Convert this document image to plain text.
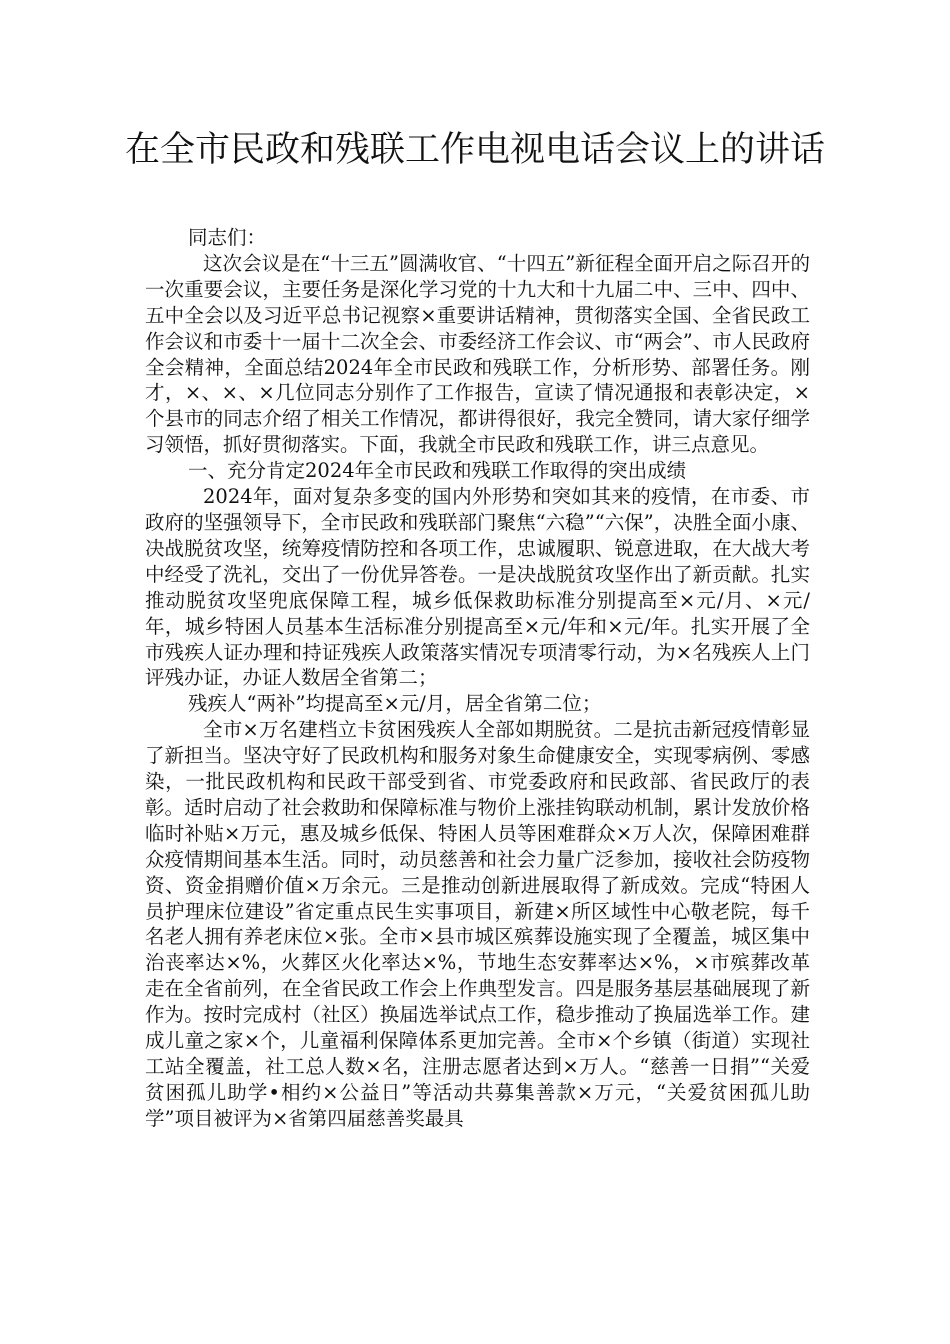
在全市民政和残联工作电视电话会议上的讲话

同志们：

这次会议是在“十三五”圆满收官、“十四五”新征程全面开启之际召开的一次重要会议，主要任务是深化学习党的十九大和十九届二中、三中、四中、五中全会以及习近平总书记视察×重要讲话精神，贯彻落实全国、全省民政工作会议和市委十一届十二次全会、市委经济工作会议、市“两会”、市人民政府全会精神，全面总结2024年全市民政和残联工作，分析形势、部署任务。刚才，×、×、×几位同志分别作了工作报告，宣读了情况通报和表彰决定，×个县市的同志介绍了相关工作情况，都讲得很好，我完全赞同，请大家仔细学习领悟，抓好贯彻落实。下面，我就全市民政和残联工作，讲三点意见。

一、充分肯定2024年全市民政和残联工作取得的突出成绩

2024年，面对复杂多变的国内外形势和突如其来的疫情，在市委、市政府的坚强领导下，全市民政和残联部门聚焦“六稳”“六保”，决胜全面小康、决战脱贫攻坚，统筹疫情防控和各项工作，忠诚履职、锐意进取，在大战大考中经受了洗礼，交出了一份优异答卷。一是决战脱贫攻坚作出了新贡献。扎实推动脱贫攻坚兜底保障工程，城乡低保救助标准分别提高至×元/月、×元/年，城乡特困人员基本生活标准分别提高至×元/年和×元/年。扎实开展了全市残疾人证办理和持证残疾人政策落实情况专项清零行动，为×名残疾人上门评残办证，办证人数居全省第二；

残疾人“两补”均提高至×元/月，居全省第二位；

全市×万名建档立卡贫困残疾人全部如期脱贫。二是抗击新冠疫情彰显了新担当。坚决守好了民政机构和服务对象生命健康安全，实现零病例、零感染，一批民政机构和民政干部受到省、市党委政府和民政部、省民政厅的表彰。适时启动了社会救助和保障标准与物价上涨挂钩联动机制，累计发放价格临时补贴×万元，惠及城乡低保、特困人员等困难群众×万人次，保障困难群众疫情期间基本生活。同时，动员慈善和社会力量广泛参加，接收社会防疫物资、资金捐赠价值×万余元。三是推动创新进展取得了新成效。完成“特困人员护理床位建设”省定重点民生实事项目，新建×所区域性中心敬老院，每千名老人拥有养老床位×张。全市×县市城区殡葬设施实现了全覆盖，城区集中治丧率达×%，火葬区火化率达×%，节地生态安葬率达×%，×市殡葬改革走在全省前列，在全省民政工作会上作典型发言。四是服务基层基础展现了新作为。按时完成村（社区）换届选举试点工作，稳步推动了换届选举工作。建成儿童之家×个，儿童福利保障体系更加完善。全市×个乡镇（街道）实现社工站全覆盖，社工总人数×名，注册志愿者达到×万人。“慈善一日捐”“关爱贫困孤儿助学•相约×公益日”等活动共募集善款×万元，“关爱贫困孤儿助学”项目被评为×省第四届慈善奖最具
